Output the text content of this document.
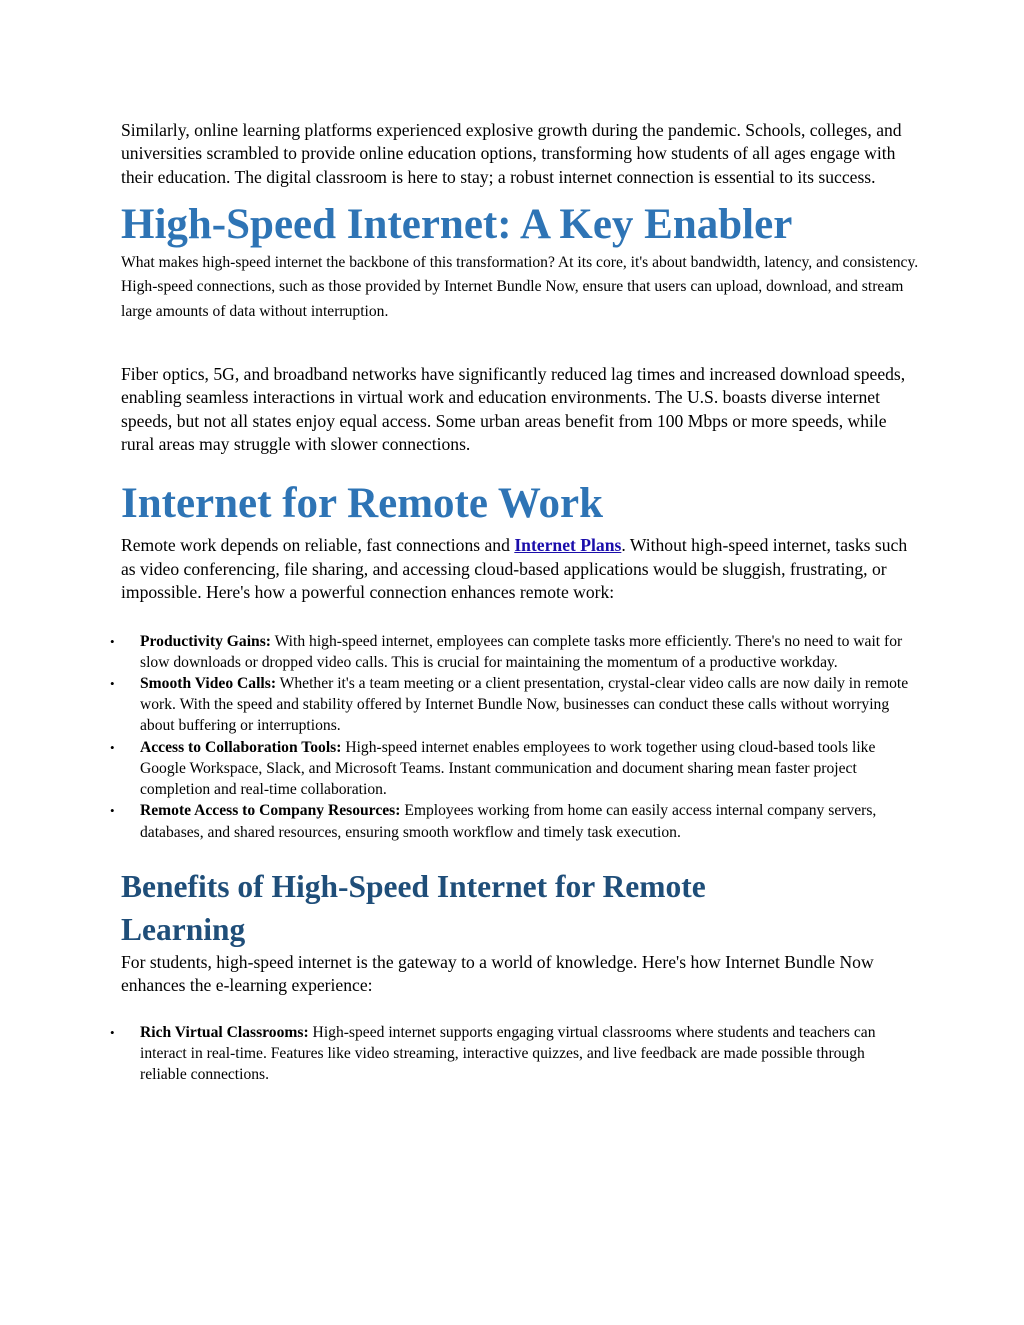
Similarly, online learning platforms experienced explosive growth during the pandemic. Schools, colleges, and universities scrambled to provide online education options, transforming how students of all ages engage with their education. The digital classroom is here to stay; a robust internet connection is essential to its success.

High-Speed Internet: A Key Enabler

What makes high-speed internet the backbone of this transformation? At its core, it's about bandwidth, latency, and consistency. High-speed connections, such as those provided by Internet Bundle Now, ensure that users can upload, download, and stream large amounts of data without interruption.

Fiber optics, 5G, and broadband networks have significantly reduced lag times and increased download speeds, enabling seamless interactions in virtual work and education environments. The U.S. boasts diverse internet speeds, but not all states enjoy equal access. Some urban areas benefit from 100 Mbps or more speeds, while rural areas may struggle with slower connections.

Internet for Remote Work

Remote work depends on reliable, fast connections and Internet Plans. Without high-speed internet, tasks such as video conferencing, file sharing, and accessing cloud-based applications would be sluggish, frustrating, or impossible. Here's how a powerful connection enhances remote work:

• Productivity Gains: With high-speed internet, employees can complete tasks more efficiently. There's no need to wait for slow downloads or dropped video calls. This is crucial for maintaining the momentum of a productive workday.
• Smooth Video Calls: Whether it's a team meeting or a client presentation, crystal-clear video calls are now daily in remote work. With the speed and stability offered by Internet Bundle Now, businesses can conduct these calls without worrying about buffering or interruptions.
• Access to Collaboration Tools: High-speed internet enables employees to work together using cloud-based tools like Google Workspace, Slack, and Microsoft Teams. Instant communication and document sharing mean faster project completion and real-time collaboration.
• Remote Access to Company Resources: Employees working from home can easily access internal company servers, databases, and shared resources, ensuring smooth workflow and timely task execution.
Benefits of High-Speed Internet for Remote Learning

For students, high-speed internet is the gateway to a world of knowledge. Here's how Internet Bundle Now enhances the e-learning experience:

• Rich Virtual Classrooms: High-speed internet supports engaging virtual classrooms where students and teachers can interact in real-time. Features like video streaming, interactive quizzes, and live feedback are made possible through reliable connections.
